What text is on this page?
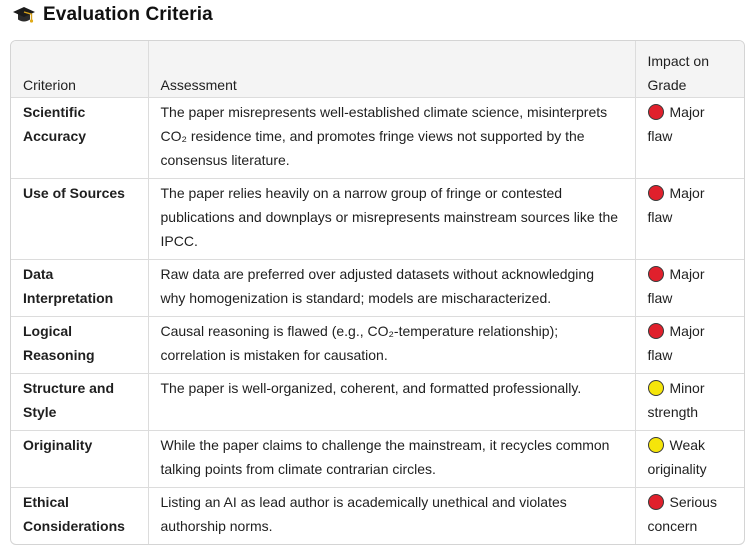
Evaluation Criteria
Criterion	Assessment	Impact on
Grade
Scientific Accuracy	The paper misrepresents well-established climate science, misinterprets CO₂ residence time, and promotes fringe views not supported by the consensus literature.	Major
flaw
Use of Sources	The paper relies heavily on a narrow group of fringe or contested publications and downplays or misrepresents mainstream sources like the IPCC.	Major
flaw
Data Interpretation	Raw data are preferred over adjusted datasets without acknowledging why homogenization is standard; models are mischaracterized.	Major
flaw
Logical Reasoning	Causal reasoning is flawed (e.g., CO₂-temperature relationship); correlation is mistaken for causation.	Major
flaw
Structure and Style	The paper is well-organized, coherent, and formatted professionally.	Minor
strength
Originality	While the paper claims to challenge the mainstream, it recycles common talking points from climate contrarian circles.	Weak
originality
Ethical Considerations	Listing an AI as lead author is academically unethical and violates authorship norms.	Serious
concern
